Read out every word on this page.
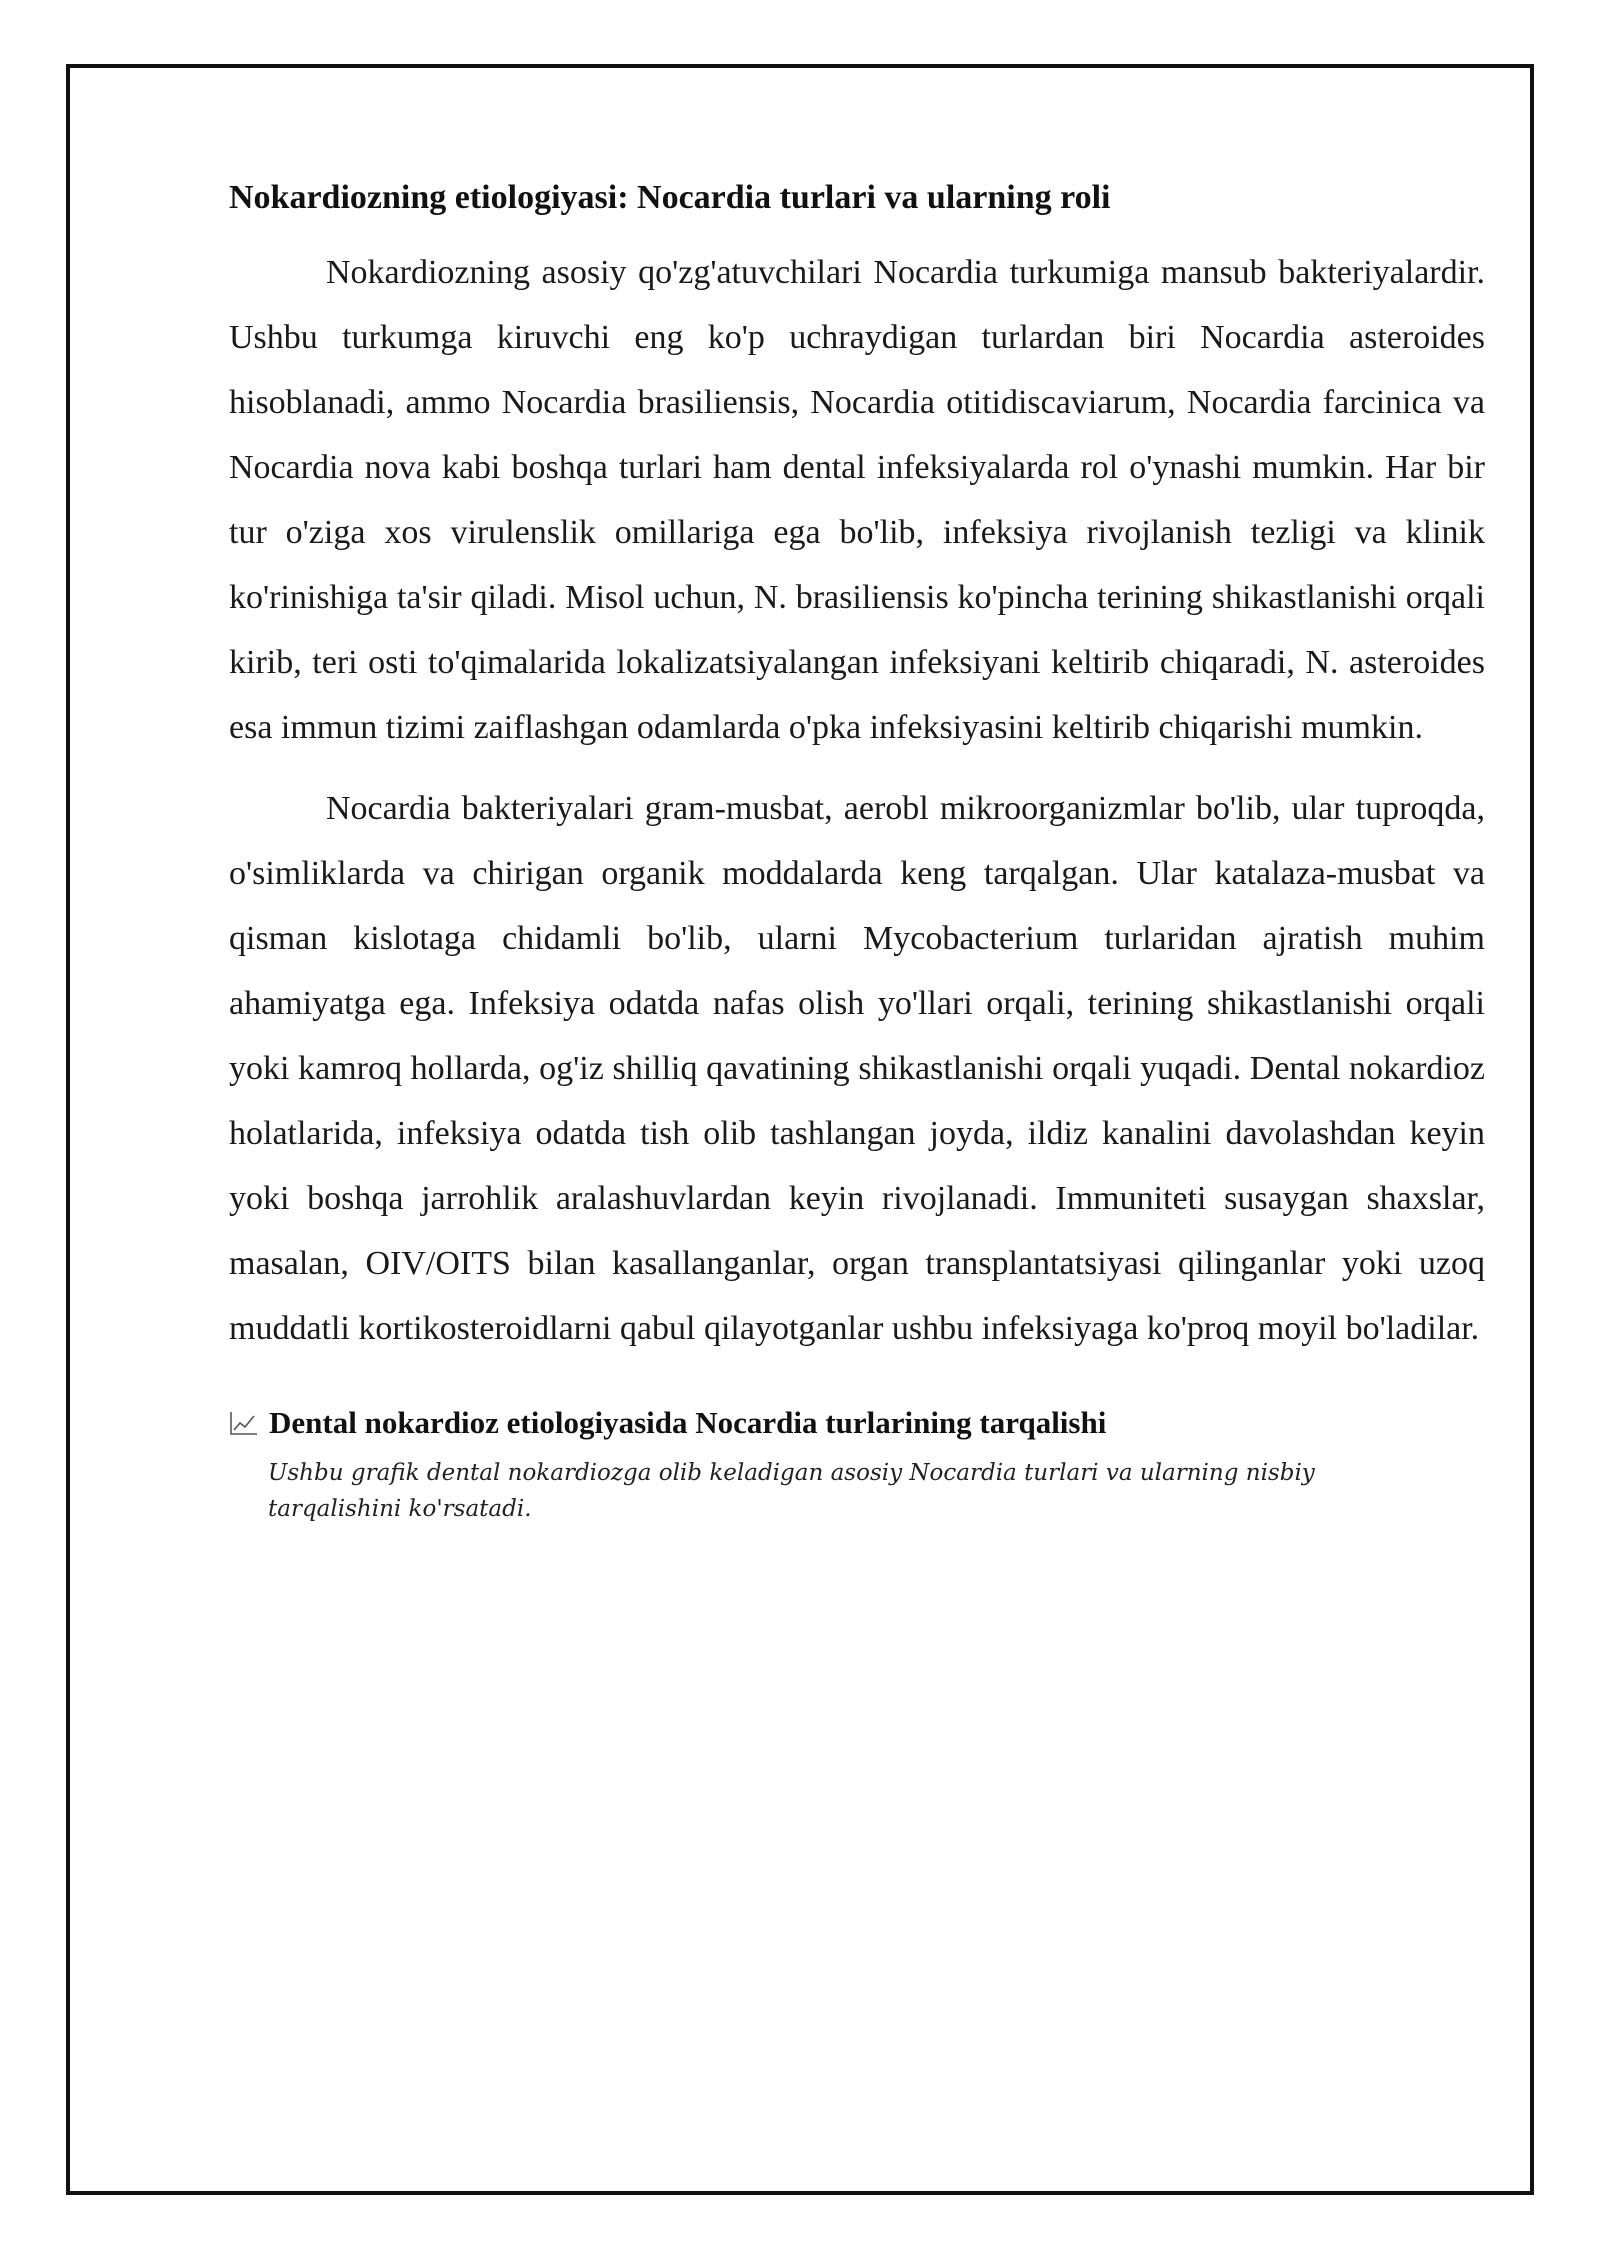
Nokardiozning etiologiyasi: Nocardia turlari va ularning roli

Nokardiozning asosiy qo'zg'atuvchilari Nocardia turkumiga mansub bakteriyalardir. Ushbu turkumga kiruvchi eng ko'p uchraydigan turlardan biri Nocardia asteroides hisoblanadi, ammo Nocardia brasiliensis, Nocardia otitidiscaviarum, Nocardia farcinica va Nocardia nova kabi boshqa turlari ham dental infeksiyalarda rol o'ynashi mumkin. Har bir tur o'ziga xos virulenslik omillariga ega bo'lib, infeksiya rivojlanish tezligi va klinik ko'rinishiga ta'sir qiladi. Misol uchun, N. brasiliensis ko'pincha terining shikastlanishi orqali kirib, teri osti to'qimalarida lokalizatsiyalangan infeksiyani keltirib chiqaradi, N. asteroides esa immun tizimi zaiflashgan odamlarda o'pka infeksiyasini keltirib chiqarishi mumkin.

Nocardia bakteriyalari gram-musbat, aerobl mikroorganizmlar bo'lib, ular tuproqda, o'simliklarda va chirigan organik moddalarda keng tarqalgan. Ular katalaza-musbat va qisman kislotaga chidamli bo'lib, ularni Mycobacterium turlaridan ajratish muhim ahamiyatga ega. Infeksiya odatda nafas olish yo'llari orqali, terining shikastlanishi orqali yoki kamroq hollarda, og'iz shilliq qavatining shikastlanishi orqali yuqadi. Dental nokardioz holatlarida, infeksiya odatda tish olib tashlangan joyda, ildiz kanalini davolashdan keyin yoki boshqa jarrohlik aralashuvlardan keyin rivojlanadi. Immuniteti susaygan shaxslar, masalan, OIV/OITS bilan kasallanganlar, organ transplantatsiyasi qilinganlar yoki uzoq muddatli kortikosteroidlarni qabul qilayotganlar ushbu infeksiyaga ko'proq moyil bo'ladilar.

Dental nokardioz etiologiyasida Nocardia turlarining tarqalishi
Ushbu grafik dental nokardiozga olib keladigan asosiy Nocardia turlari va ularning nisbiy tarqalishini ko'rsatadi.
